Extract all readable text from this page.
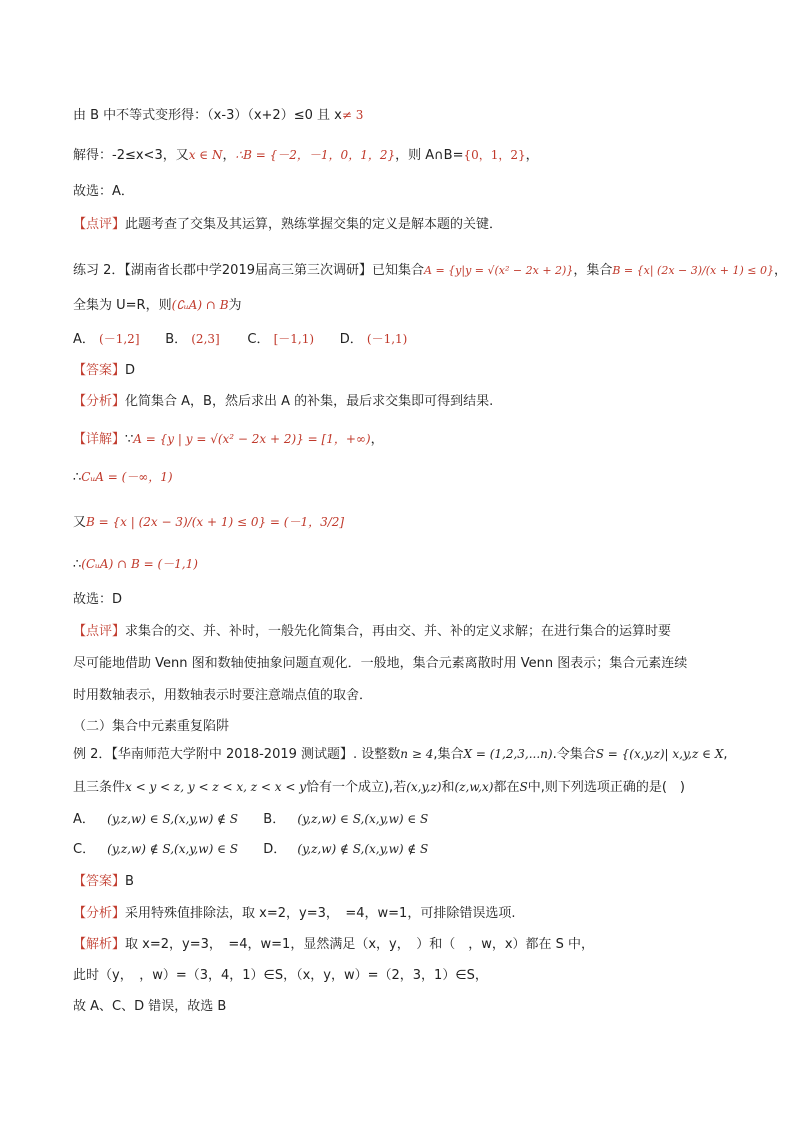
由 B 中不等式变形得：（x-3）（x+2）≤0 且 x≠ 3
解得：-2≤x<3，又x ∈ N，∴B = {－2，－1，0，1，2}，则 A∩B={0，1，2}，
故选：A．
【点评】此题考查了交集及其运算，熟练掌握交集的定义是解本题的关键．
练习 2．【湖南省长郡中学2019届高三第三次调研】已知集合A = {y|y = √(x² − 2x + 2)}，集合B = {x| (2x − 3)/(x + 1) ≤ 0}，
全集为 U=R，则(∁ᵤA) ∩ B为
A． (－1,2] B． (2,3] C． [－1,1) D． (－1,1)
【答案】D
【分析】化简集合 A，B，然后求出 A 的补集，最后求交集即可得到结果.
【详解】∵A = {y | y = √(x² − 2x + 2)} = [1，+∞)，
∴CᵤA = (－∞，1)
又B = {x | (2x − 3)/(x + 1) ≤ 0} = (－1，3/2]
∴(CᵤA) ∩ B = (－1,1)
故选：D
【点评】求集合的交、并、补时，一般先化简集合，再由交、并、补的定义求解；在进行集合的运算时要
尽可能地借助 Venn 图和数轴使抽象问题直观化．一般地，集合元素离散时用 Venn 图表示；集合元素连续
时用数轴表示，用数轴表示时要注意端点值的取舍．
（二）集合中元素重复陷阱
例 2．【华南师范大学附中 2018-2019 测试题】. 设整数n ≥ 4,集合X = (1,2,3,...n).令集合S = {(x,y,z)| x,y,z ∈ X,
且三条件x < y < z, y < z < x, z < x < y恰有一个成立),若(x,y,z)和(z,w,x)都在S中,则下列选项正确的是(　)
A． (y,z,w) ∈ S,(x,y,w) ∉ S B． (y,z,w) ∈ S,(x,y,w) ∈ S
C． (y,z,w) ∉ S,(x,y,w) ∈ S D． (y,z,w) ∉ S,(x,y,w) ∉ S
【答案】B
【分析】采用特殊值排除法，取 x=2，y=3，　=4，w=1，可排除错误选项.
【解析】取 x=2，y=3，　=4，w=1，显然满足（x，y，　）和（　，w，x）都在 S 中，
此时（y，　，w）=（3，4，1）∈S，（x，y，w）=（2，3，1）∈S，
故 A、C、D 错误，故选 B
